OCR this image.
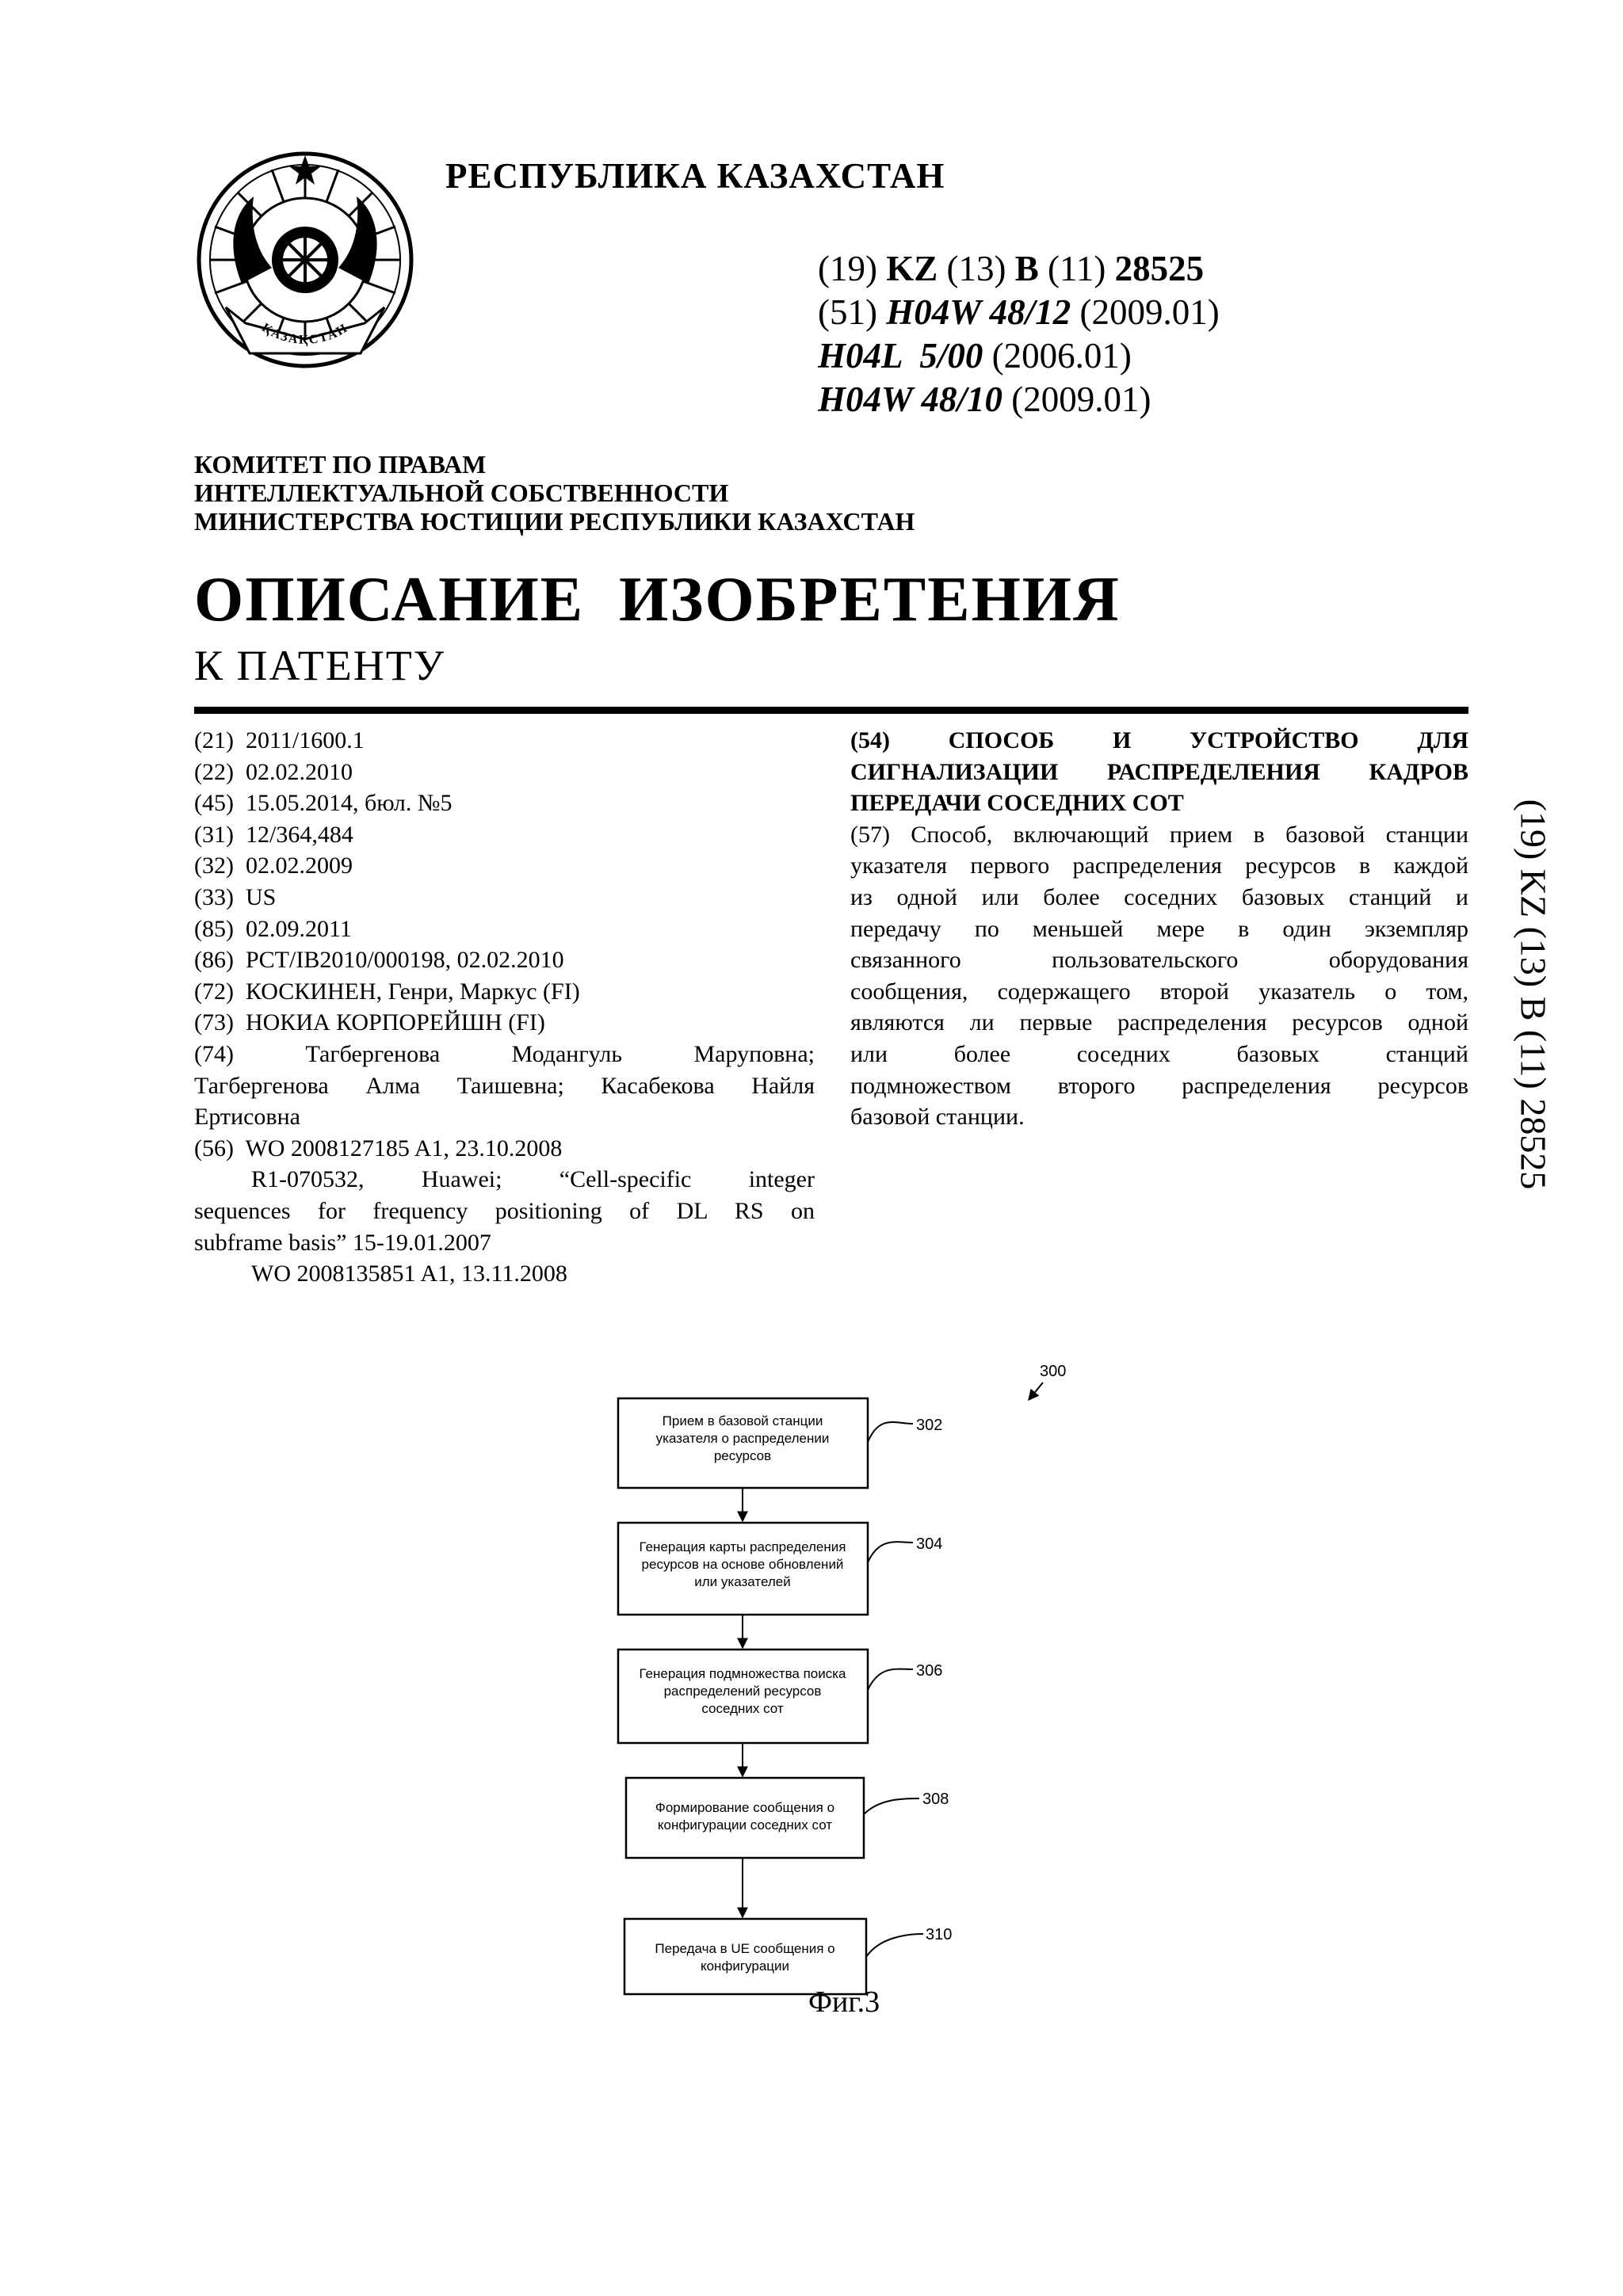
ҚАЗАҚСТАН
РЕСПУБЛИКА КАЗАХСТАН
(19) KZ (13) B (11) 28525
(51) H04W 48/12 (2009.01)
H04L  5/00 (2006.01)
H04W 48/10 (2009.01)
КОМИТЕТ ПО ПРАВАМ
ИНТЕЛЛЕКТУАЛЬНОЙ СОБСТВЕННОСТИ
МИНИСТЕРСТВА ЮСТИЦИИ РЕСПУБЛИКИ КАЗАХСТАН
ОПИСАНИЕ  ИЗОБРЕТЕНИЯ
К ПАТЕНТУ
(21)  2011/1600.1
(22)  02.02.2010
(45)  15.05.2014, бюл. №5
(31)  12/364,484
(32)  02.02.2009
(33)  US
(85)  02.09.2011
(86)  PCT/IB2010/000198, 02.02.2010
(72)  КОСКИНЕН, Генри, Маркус (FI)
(73)  НОКИА КОРПОРЕЙШН (FI)
(74) Тагбергенова Модангуль Маруповна;
Тагбергенова Алма Таишевна; Касабекова Найля
Ертисовна
(56)  WO 2008127185 A1, 23.10.2008
R1-070532, Huawei; “Cell-specific integer
sequences for frequency positioning of DL RS on
subframe basis” 15-19.01.2007
WO 2008135851 A1, 13.11.2008
(54) СПОСОБ И УСТРОЙСТВО ДЛЯ
СИГНАЛИЗАЦИИ РАСПРЕДЕЛЕНИЯ КАДРОВ
ПЕРЕДАЧИ СОСЕДНИХ СОТ
(57) Способ, включающий прием в базовой станции
указателя первого распределения ресурсов в каждой
из одной или более соседних базовых станций и
передачу по меньшей мере в один экземпляр
связанного пользовательского оборудования
сообщения, содержащего второй указатель о том,
являются ли первые распределения ресурсов одной
или более соседних базовых станций
подмножеством второго распределения ресурсов
базовой станции.	(19) KZ (13) B (11) 28525
300
Прием в базовой станции
указателя о распределении
ресурсов
302
Генерация карты распределения
ресурсов на основе обновлений
или указателей
304
Генерация подмножества поиска
распределений ресурсов
соседних сот
306
Формирование сообщения о
конфигурации соседних сот
308
Передача в UE сообщения о
конфигурации
310
Фиг.3
